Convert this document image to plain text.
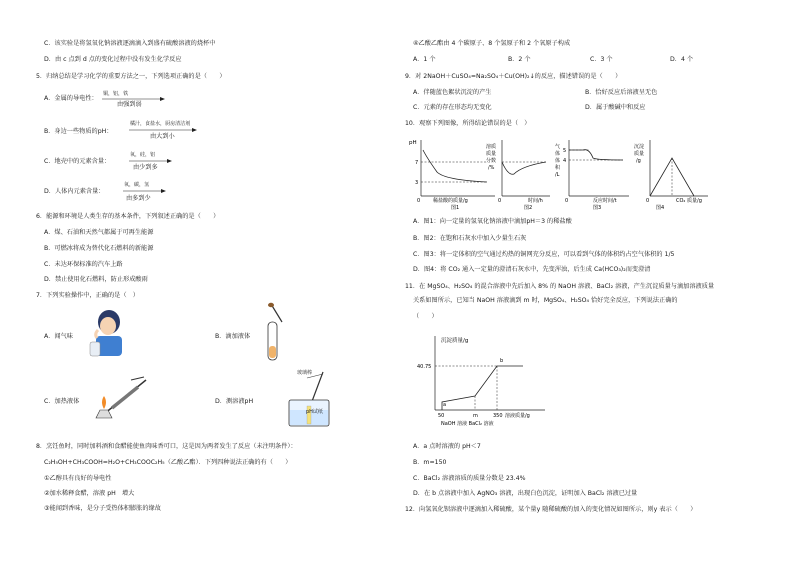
C．该实验是将氢氧化钠溶液逐滴滴入到盛有硫酸溶液的烧杯中
D．由 c 点到 d 点的变化过程中没有发生化学反应
5．归纳总结是学习化学的重要方法之一，下列选项正确的是（　　）
A．金属的导电性：
铜，铝，铁
由强到弱
B．身边一些物质的pH：
橘汁，食盐水，厨房清洁剂
由大到小
C．地壳中的元素含量：
氧，硅，铝
由少到多
D．人体内元素含量：
氧，碳，氢
由多到少
6．能源和环境是人类生存的基本条件，下列叙述正确的是（　　）
A．煤、石油和天然气都属于可再生能源
B．可燃冰将成为替代化石燃料的新能源
C．未达环保标准的汽车上路
D．禁止使用化石燃料，防止形成酸雨
7．下列实验操作中，正确的是（　）
A．闻气味	B．滴加液体
C．加热液体
玻璃棒
pH试纸
D．测溶液pH
8．烹饪鱼时，同时加料酒和食醋能使鱼肉味香可口，这是因为两者发生了反应（未注明条件）：
C₂H₅OH+CH₃COOH=H₂O+CH₃COOC₂H₅（乙酸乙酯）．下列四种说法正确的有（　　）
①乙醇具有良好的导电性
②加水稀释食醋，溶液 pH　增大
③能闻到香味，是分子受热体积膨胀的缘故
④乙酸乙酯由 4 个碳原子、8 个氢原子和 2 个氧原子构成
A．1 个	B．2 个	C．3 个	D．4 个
9．对 2NaOH＋CuSO₄=Na₂SO₄＋Cu(OH)₂↓的反应，描述错误的是（　　）
A．伴随蓝色絮状沉淀的产生	B．恰好反应后溶液呈无色
C．元素的存在形态均无变化	D．属于酸碱中和反应
10．观察下列图像，所得结论错误的是（　）
pH
7
3
0	稀盐酸的质量/g
图1
溶质
质量
分数
/%
0	时间/h
图2
气
体
体
积
/L
5
4
0	反应时间/t
图3
沉淀
质量
/g
0	CO₂ 质量/g
图4
A．图1：向一定量的氢氧化钠溶液中滴加pH＝3 的稀盐酸
B．图2：在饱和石灰水中加入少量生石灰
C．图3：将一定体积的空气通过灼热的铜网充分反应，可以看到气体的体积约占空气体积的 1/5
D．图4：将 CO₂ 通入一定量的澄清石灰水中，先变浑浊，后生成 Ca(HCO₃)₂而变澄清
11．在 MgSO₄、H₂SO₄ 的混合溶液中先后加入 8% 的 NaOH 溶液、BaCl₂ 溶液，产生沉淀质量与滴加溶液质量
关系如图所示，已知当 NaOH 溶液滴到 m 时，MgSO₄、H₂SO₄ 恰好完全反应，下列说法正确的
（　　）
沉淀质量/g
40.75
a
b
50	m	350 溶液质量/g
NaOH 溶液 BaCl₂ 溶液
A．a 点时溶液的 pH＜7
B．m=150
C．BaCl₂ 溶液溶质的质量分数是 23.4%
D．在 b 点溶液中加入 AgNO₃ 溶液，出现白色沉淀，证明加入 BaCl₂ 溶液已过量
12．向氢氧化钡溶液中逐滴加入稀硫酸，某个量y 随稀硫酸的加入的变化情况如图所示，则y 表示（　　）
